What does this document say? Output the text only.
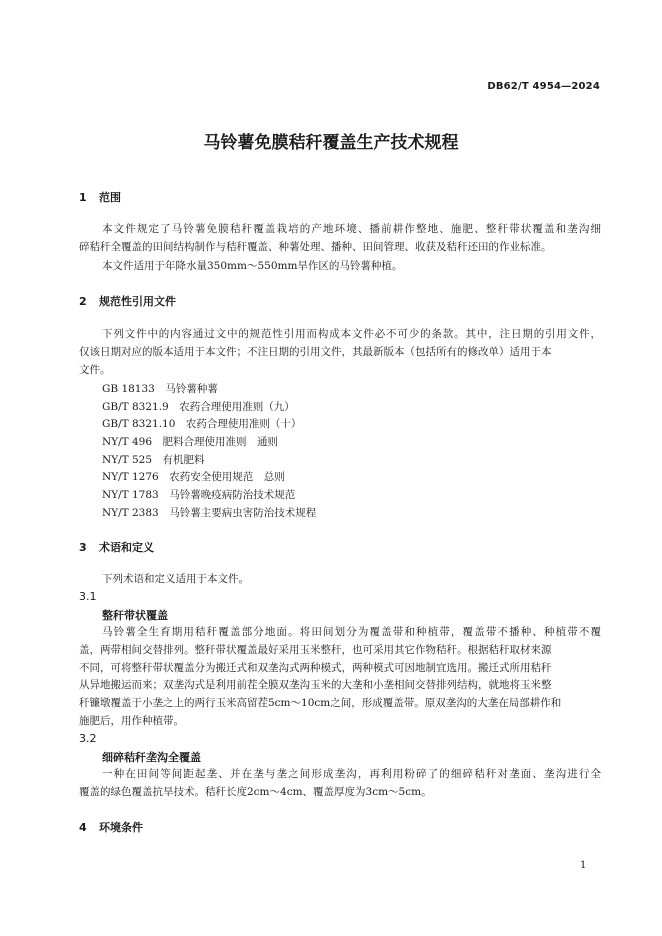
DB62/T 4954—2024
马铃薯免膜秸秆覆盖生产技术规程
1 范围
本文件规定了马铃薯免膜秸秆覆盖栽培的产地环境、播前耕作整地、施肥、整秆带状覆盖和垄沟细
碎秸秆全覆盖的田间结构制作与秸秆覆盖、种薯处理、播种、田间管理、收获及秸秆还田的作业标准。
本文件适用于年降水量350mm～550mm旱作区的马铃薯种植。
2 规范性引用文件
下列文件中的内容通过文中的规范性引用而构成本文件必不可少的条款。其中，注日期的引用文件，
仅该日期对应的版本适用于本文件；不注日期的引用文件，其最新版本（包括所有的修改单）适用于本
文件。
GB 18133　 马铃薯种薯
GB/T 8321.9　 农药合理使用准则（九）
GB/T 8321.10　 农药合理使用准则（十）
NY/T 496　 肥料合理使用准则　通则
NY/T 525　 有机肥料
NY/T 1276　 农药安全使用规范　总则
NY/T 1783　 马铃薯晚疫病防治技术规范
NY/T 2383　 马铃薯主要病虫害防治技术规程
3 术语和定义
下列术语和定义适用于本文件。
3.1
整秆带状覆盖
马铃薯全生育期用秸秆覆盖部分地面。将田间划分为覆盖带和种植带，覆盖带不播种、种植带不覆
盖，两带相间交替排列。整秆带状覆盖最好采用玉米整秆，也可采用其它作物秸秆。根据秸秆取材来源
不同，可将整秆带状覆盖分为搬迁式和双垄沟式两种模式，两种模式可因地制宜选用。搬迁式所用秸秆
从异地搬运而来；双垄沟式是利用前茬全膜双垄沟玉米的大垄和小垄相间交替排列结构，就地将玉米整
秆镰墩覆盖于小垄之上的两行玉米高留茬5cm～10cm之间，形成覆盖带。原双垄沟的大垄在局部耕作和
施肥后，用作种植带。
3.2
细碎秸秆垄沟全覆盖
一种在田间等间距起垄、并在垄与垄之间形成垄沟，再利用粉碎了的细碎秸秆对垄面、垄沟进行全
覆盖的绿色覆盖抗旱技术。秸秆长度2cm～4cm、覆盖厚度为3cm～5cm。
4 环境条件
1
